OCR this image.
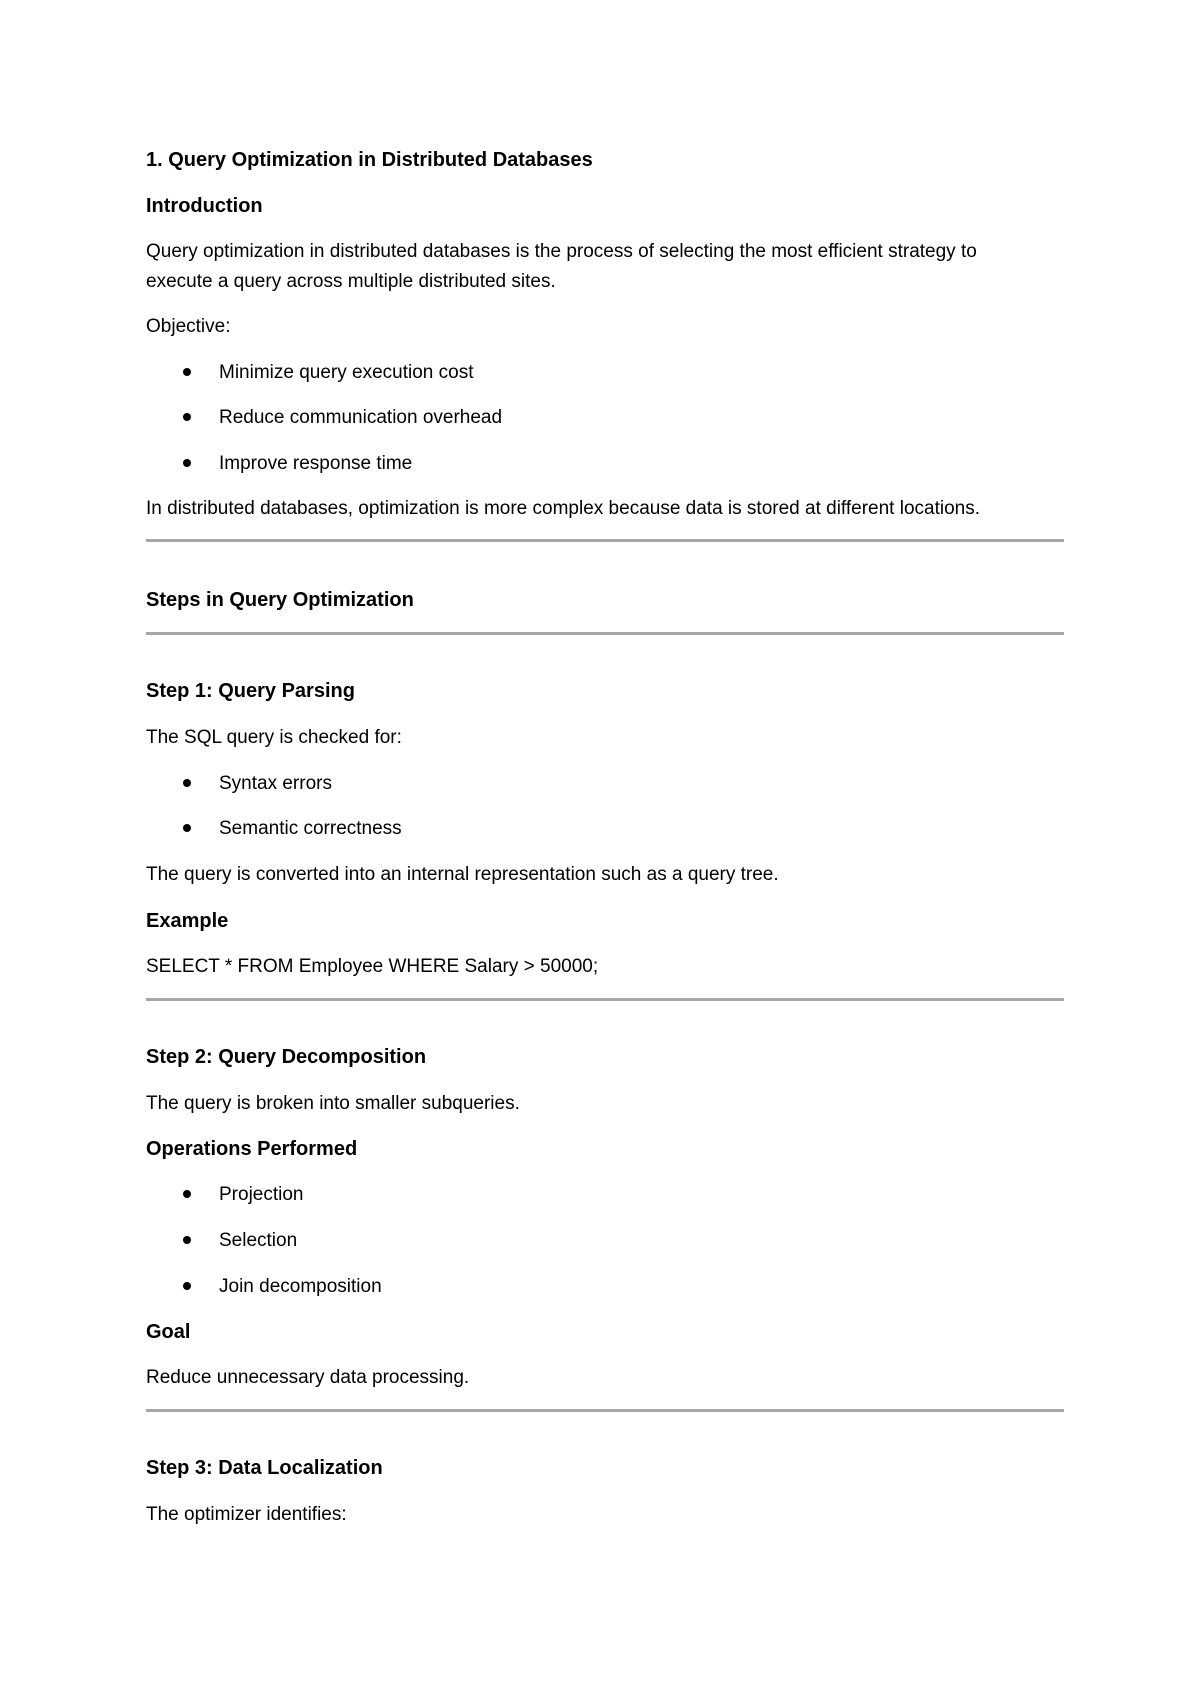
1. Query Optimization in Distributed Databases
Introduction
Query optimization in distributed databases is the process of selecting the most efficient strategy to
execute a query across multiple distributed sites.
Objective:
Minimize query execution cost
Reduce communication overhead
Improve response time
In distributed databases, optimization is more complex because data is stored at different locations.
Steps in Query Optimization
Step 1: Query Parsing
The SQL query is checked for:
Syntax errors
Semantic correctness
The query is converted into an internal representation such as a query tree.
Example
SELECT * FROM Employee WHERE Salary > 50000;
Step 2: Query Decomposition
The query is broken into smaller subqueries.
Operations Performed
Projection
Selection
Join decomposition
Goal
Reduce unnecessary data processing.
Step 3: Data Localization
The optimizer identifies:
